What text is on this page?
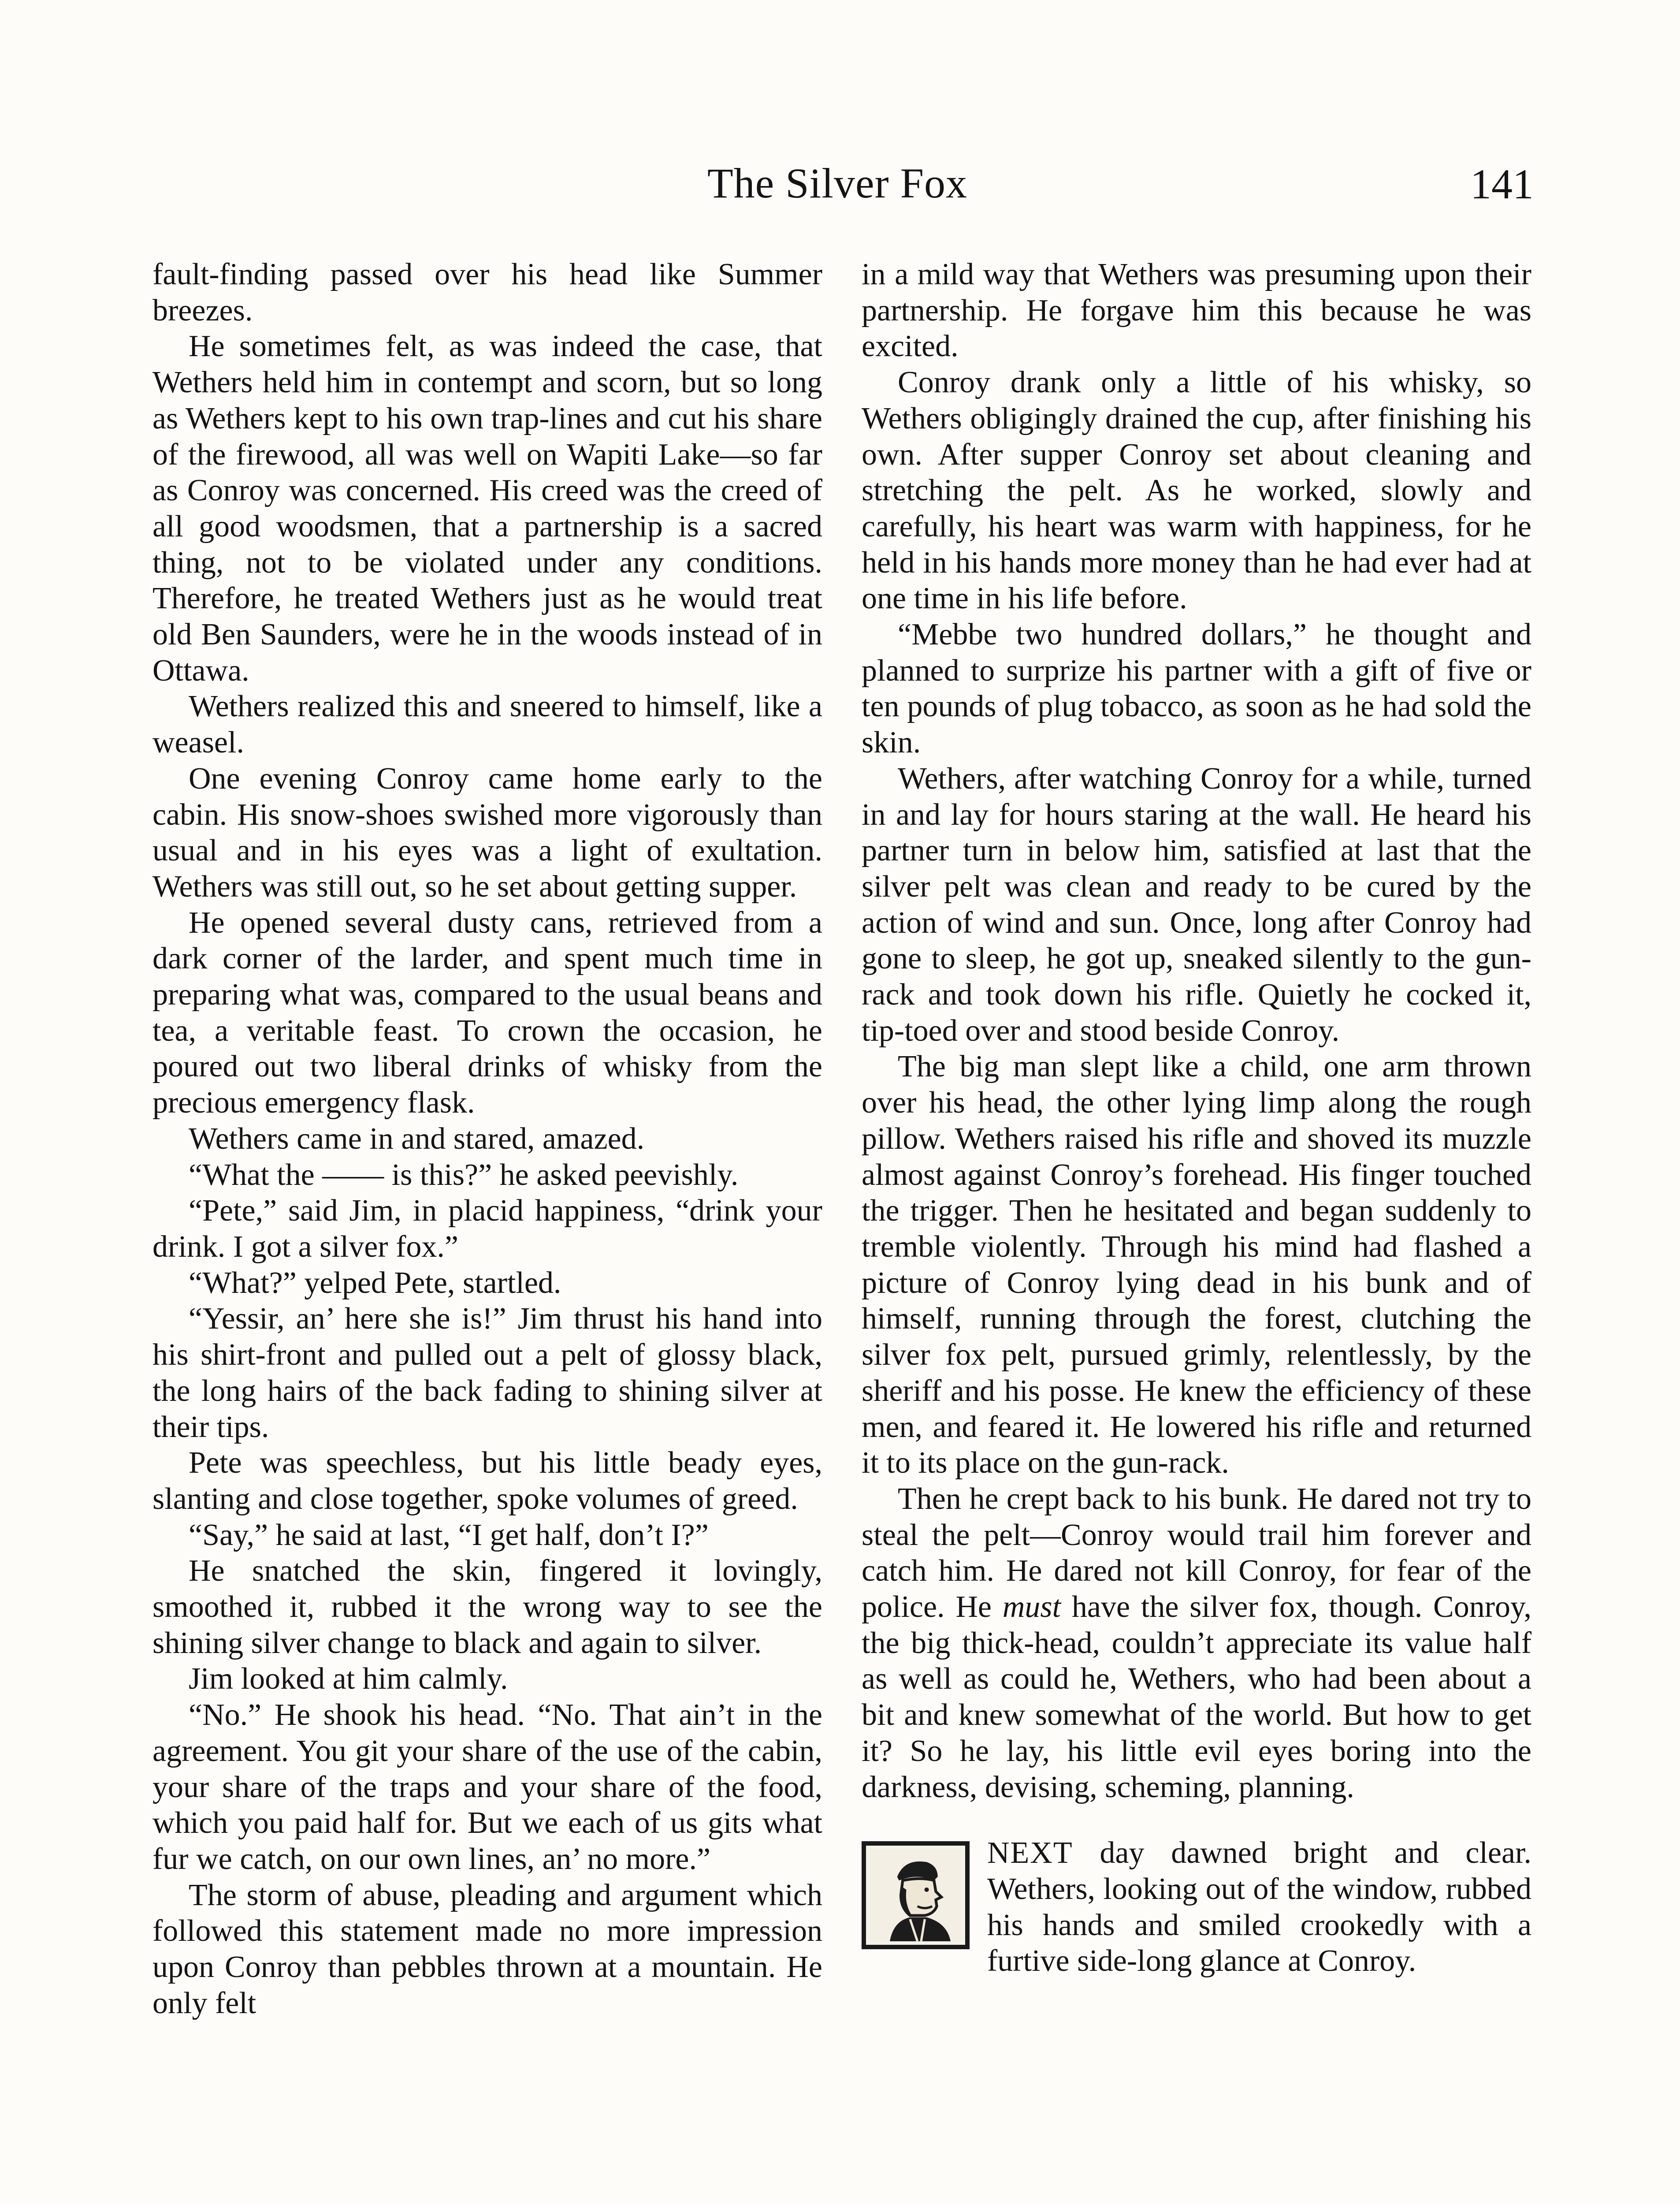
The Silver Fox	141

fault-finding passed over his head like Summer breezes.

He sometimes felt, as was indeed the case, that Wethers held him in contempt and scorn, but so long as Wethers kept to his own trap-lines and cut his share of the firewood, all was well on Wapiti Lake—so far as Conroy was concerned. His creed was the creed of all good woodsmen, that a partnership is a sacred thing, not to be violated under any conditions. Therefore, he treated Wethers just as he would treat old Ben Saunders, were he in the woods instead of in Ottawa.

Wethers realized this and sneered to himself, like a weasel.

One evening Conroy came home early to the cabin. His snow-shoes swished more vigorously than usual and in his eyes was a light of exultation. Wethers was still out, so he set about getting supper.

He opened several dusty cans, retrieved from a dark corner of the larder, and spent much time in preparing what was, compared to the usual beans and tea, a veritable feast. To crown the occasion, he poured out two liberal drinks of whisky from the precious emergency flask.

Wethers came in and stared, amazed.

“What the —— is this?” he asked peevishly.

“Pete,” said Jim, in placid happiness, “drink your drink. I got a silver fox.”

“What?” yelped Pete, startled.

“Yessir, an’ here she is!” Jim thrust his hand into his shirt-front and pulled out a pelt of glossy black, the long hairs of the back fading to shining silver at their tips.

Pete was speechless, but his little beady eyes, slanting and close together, spoke volumes of greed.

“Say,” he said at last, “I get half, don’t I?”

He snatched the skin, fingered it lovingly, smoothed it, rubbed it the wrong way to see the shining silver change to black and again to silver.

Jim looked at him calmly.

“No.” He shook his head. “No. That ain’t in the agreement. You git your share of the use of the cabin, your share of the traps and your share of the food, which you paid half for. But we each of us gits what fur we catch, on our own lines, an’ no more.”

The storm of abuse, pleading and argument which followed this statement made no more impression upon Conroy than pebbles thrown at a mountain. He only felt

in a mild way that Wethers was presuming upon their partnership. He forgave him this because he was excited.

Conroy drank only a little of his whisky, so Wethers obligingly drained the cup, after finishing his own. After supper Conroy set about cleaning and stretching the pelt. As he worked, slowly and carefully, his heart was warm with happiness, for he held in his hands more money than he had ever had at one time in his life before.

“Mebbe two hundred dollars,” he thought and planned to surprize his partner with a gift of five or ten pounds of plug tobacco, as soon as he had sold the skin.

Wethers, after watching Conroy for a while, turned in and lay for hours staring at the wall. He heard his partner turn in below him, satisfied at last that the silver pelt was clean and ready to be cured by the action of wind and sun. Once, long after Conroy had gone to sleep, he got up, sneaked silently to the gun-rack and took down his rifle. Quietly he cocked it, tip-toed over and stood beside Conroy.

The big man slept like a child, one arm thrown over his head, the other lying limp along the rough pillow. Wethers raised his rifle and shoved its muzzle almost against Conroy’s forehead. His finger touched the trigger. Then he hesitated and began suddenly to tremble violently. Through his mind had flashed a picture of Conroy lying dead in his bunk and of himself, running through the forest, clutching the silver fox pelt, pursued grimly, relentlessly, by the sheriff and his posse. He knew the efficiency of these men, and feared it. He lowered his rifle and returned it to its place on the gun-rack.

Then he crept back to his bunk. He dared not try to steal the pelt—Conroy would trail him forever and catch him. He dared not kill Conroy, for fear of the police. He must have the silver fox, though. Conroy, the big thick-head, couldn’t appreciate its value half as well as could he, Wethers, who had been about a bit and knew somewhat of the world. But how to get it? So he lay, his little evil eyes boring into the darkness, devising, scheming, planning.

NEXT day dawned bright and clear. Wethers, looking out of the window, rubbed his hands and smiled crookedly with a furtive side-long glance at Conroy.
